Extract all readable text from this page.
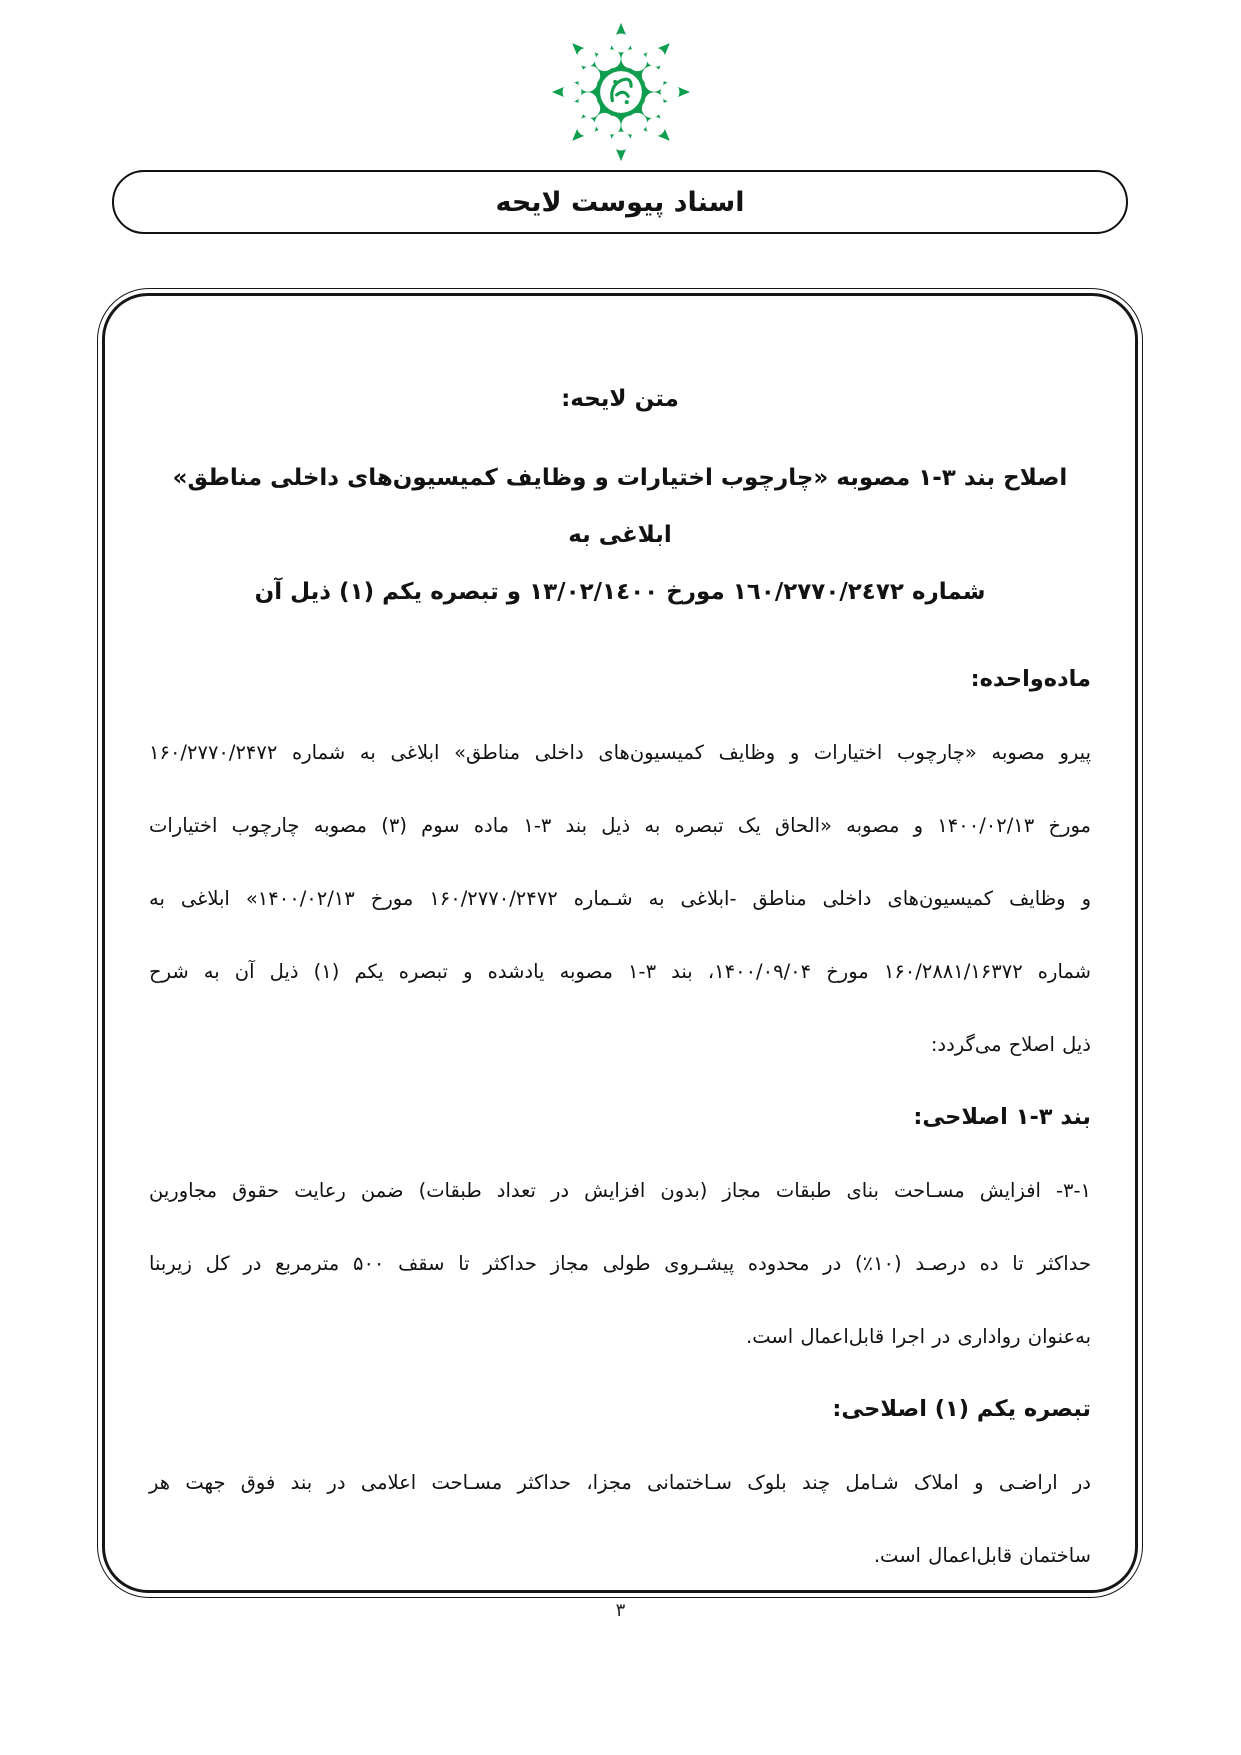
اسناد پیوست لایحه
متن لایحه:
اصلاح بند ۳-۱ مصوبه «چارچوب اختیارات و وظایف کمیسیون‌های داخلی مناطق» ابلاغی به
شماره ١٦٠/٢٧٧٠/٢٤٧٢ مورخ ١٣/٠٢/١٤٠٠ و تبصره یکم (١) ذیل آن
ماده‌واحده:
پیرو مصوبه «چارچوب اختیارات و وظایف کمیسیون‌های داخلی مناطق» ابلاغی به شماره ۱۶۰/۲۷۷۰/۲۴۷۲
مورخ ۱۴۰۰/۰۲/۱۳ و مصوبه «الحاق یک تبصره به ذیل بند ۳-۱ ماده سوم (۳) مصوبه چارچوب اختیارات
و وظایف کمیسیون‌های داخلی مناطق -ابلاغی به شـماره ۱۶۰/۲۷۷۰/۲۴۷۲ مورخ ۱۴۰۰/۰۲/۱۳» ابلاغی به
شماره ۱۶۰/۲۸۸۱/۱۶۳۷۲ مورخ ۱۴۰۰/۰۹/۰۴، بند ۳-۱ مصوبه یادشده و تبصره یکم (۱) ذیل آن به شرح
ذیل اصلاح می‌گردد:
بند ۳-۱ اصلاحی:
۳-۱- افزایش مسـاحت بنای طبقات مجاز (بدون افزایش در تعداد طبقات) ضمن رعایت حقوق مجاورین
حداکثر تا ده درصـد (۱۰٪) در محدوده پیشـروی طولی مجاز حداکثر تا سقف ۵۰۰ مترمربع در کل زیربنا
به‌عنوان رواداری در اجرا قابل‌اعمال است.
تبصره یکم (۱) اصلاحی:
در اراضـی و املاک شـامل چند بلوک سـاختمانی مجزا، حداکثر مسـاحت اعلامی در بند فوق جهت هر
ساختمان قابل‌اعمال است.
۳
